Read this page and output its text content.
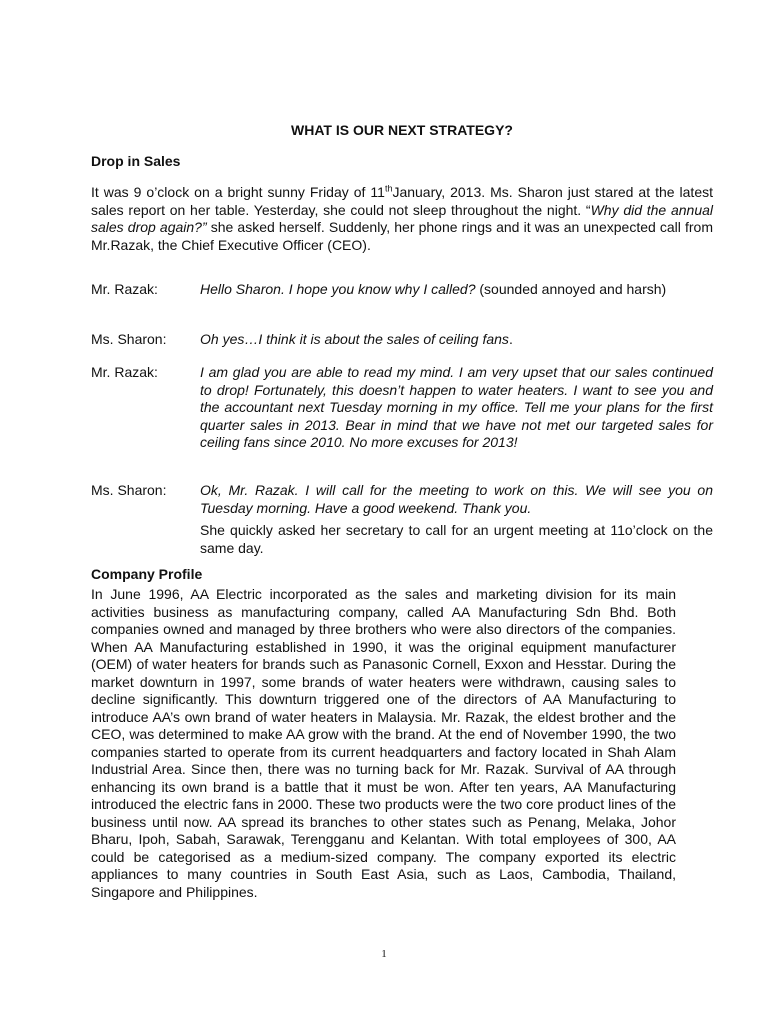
WHAT IS OUR NEXT STRATEGY?
Drop in Sales

It was 9 o’clock on a bright sunny Friday of 11thJanuary, 2013. Ms. Sharon just stared at the latest sales report on her table. Yesterday, she could not sleep throughout the night. “Why did the annual sales drop again?” she asked herself. Suddenly, her phone rings and it was an unexpected call from Mr.Razak, the Chief Executive Officer (CEO).

Mr. Razak:	Hello Sharon. I hope you know why I called? (sounded annoyed and harsh)

Ms. Sharon:	Oh yes…I think it is about the sales of ceiling fans.

Mr. Razak:	I am glad you are able to read my mind. I am very upset that our sales continued to drop! Fortunately, this doesn’t happen to water heaters. I want to see you and the accountant next Tuesday morning in my office. Tell me your plans for the first quarter sales in 2013. Bear in mind that we have not met our targeted sales for ceiling fans since 2010. No more excuses for 2013!

Ms. Sharon:	Ok, Mr. Razak. I will call for the meeting to work on this. We will see you on Tuesday morning. Have a good weekend. Thank you.

She quickly asked her secretary to call for an urgent meeting at 11o’clock on the same day.

Company Profile

In June 1996, AA Electric incorporated as the sales and marketing division for its main activities business as manufacturing company, called AA Manufacturing Sdn Bhd. Both companies owned and managed by three brothers who were also directors of the companies. When AA Manufacturing established in 1990, it was the original equipment manufacturer (OEM) of water heaters for brands such as Panasonic Cornell, Exxon and Hesstar. During the market downturn in 1997, some brands of water heaters were withdrawn, causing sales to decline significantly. This downturn triggered one of the directors of AA Manufacturing to introduce AA’s own brand of water heaters in Malaysia. Mr. Razak, the eldest brother and the CEO, was determined to make AA grow with the brand. At the end of November 1990, the two companies started to operate from its current headquarters and factory located in Shah Alam Industrial Area. Since then, there was no turning back for Mr. Razak. Survival of AA through enhancing its own brand is a battle that it must be won. After ten years, AA Manufacturing introduced the electric fans in 2000. These two products were the two core product lines of the business until now. AA spread its branches to other states such as Penang, Melaka, Johor Bharu, Ipoh, Sabah, Sarawak, Terengganu and Kelantan. With total employees of 300, AA could be categorised as a medium-sized company. The company exported its electric appliances to many countries in South East Asia, such as Laos, Cambodia, Thailand, Singapore and Philippines.

1
